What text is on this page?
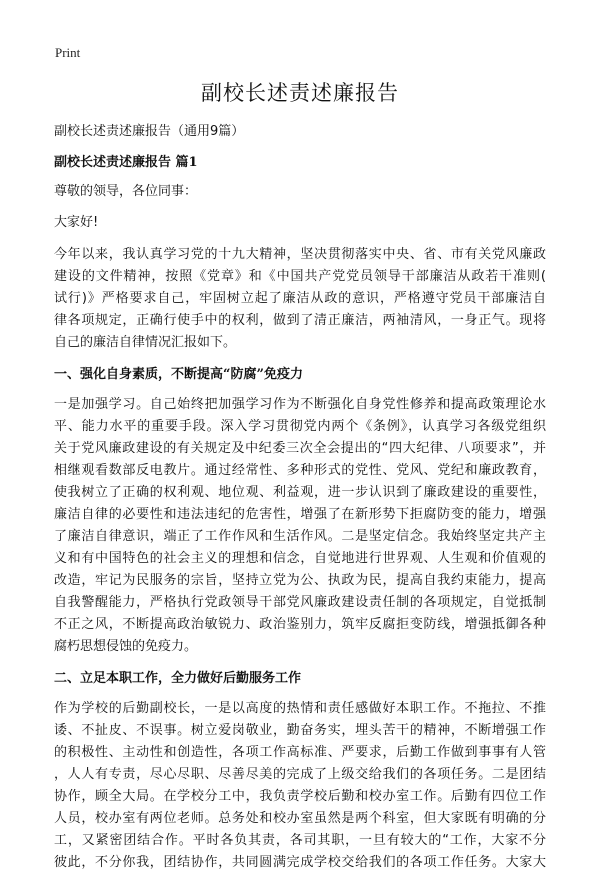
Print
副校长述责述廉报告

副校长述责述廉报告（通用9篇）

副校长述责述廉报告 篇1

尊敬的领导，各位同事：

大家好!

今年以来，我认真学习党的十九大精神，坚决贯彻落实中央、省、市有关党风廉政
建设的文件精神，按照《党章》和《中国共产党党员领导干部廉洁从政若干准则(
试行)》严格要求自己，牢固树立起了廉洁从政的意识，严格遵守党员干部廉洁自
律各项规定，正确行使手中的权利，做到了清正廉洁，两袖清风，一身正气。现将
自己的廉洁自律情况汇报如下。

一、强化自身素质，不断提高“防腐”免疫力

一是加强学习。自己始终把加强学习作为不断强化自身党性修养和提高政策理论水
平、能力水平的重要手段。深入学习贯彻党内两个《条例》，认真学习各级党组织
关于党风廉政建设的有关规定及中纪委三次全会提出的“四大纪律、八项要求”，并
相继观看数部反电教片。通过经常性、多种形式的党性、党风、党纪和廉政教育，
使我树立了正确的权利观、地位观、利益观，进一步认识到了廉政建设的重要性，
廉洁自律的必要性和违法违纪的危害性，增强了在新形势下拒腐防变的能力，增强
了廉洁自律意识，端正了工作作风和生活作风。二是坚定信念。我始终坚定共产主
义和有中国特色的社会主义的理想和信念，自觉地进行世界观、人生观和价值观的
改造，牢记为民服务的宗旨，坚持立党为公、执政为民，提高自我约束能力，提高
自我警醒能力，严格执行党政领导干部党风廉政建设责任制的各项规定，自觉抵制
不正之风，不断提高政治敏锐力、政治鉴别力，筑牢反腐拒变防线，增强抵御各种
腐朽思想侵蚀的免疫力。

二、立足本职工作，全力做好后勤服务工作

作为学校的后勤副校长，一是以高度的热情和责任感做好本职工作。不拖拉、不推
诿、不扯皮、不误事。树立爱岗敬业，勤奋务实，埋头苦干的精神，不断增强工作
的积极性、主动性和创造性，各项工作高标准、严要求，后勤工作做到事事有人管
，人人有专责，尽心尽职、尽善尽美的完成了上级交给我们的各项任务。二是团结
协作，顾全大局。在学校分工中，我负责学校后勤和校办室工作。后勤有四位工作
人员，校办室有两位老师。总务处和校办室虽然是两个科室，但大家既有明确的分
工，又紧密团结合作。平时各负其责，各司其职，一旦有较大的“工作，大家不分
彼此，不分你我，团结协作，共同圆满完成学校交给我们的各项工作任务。大家大
